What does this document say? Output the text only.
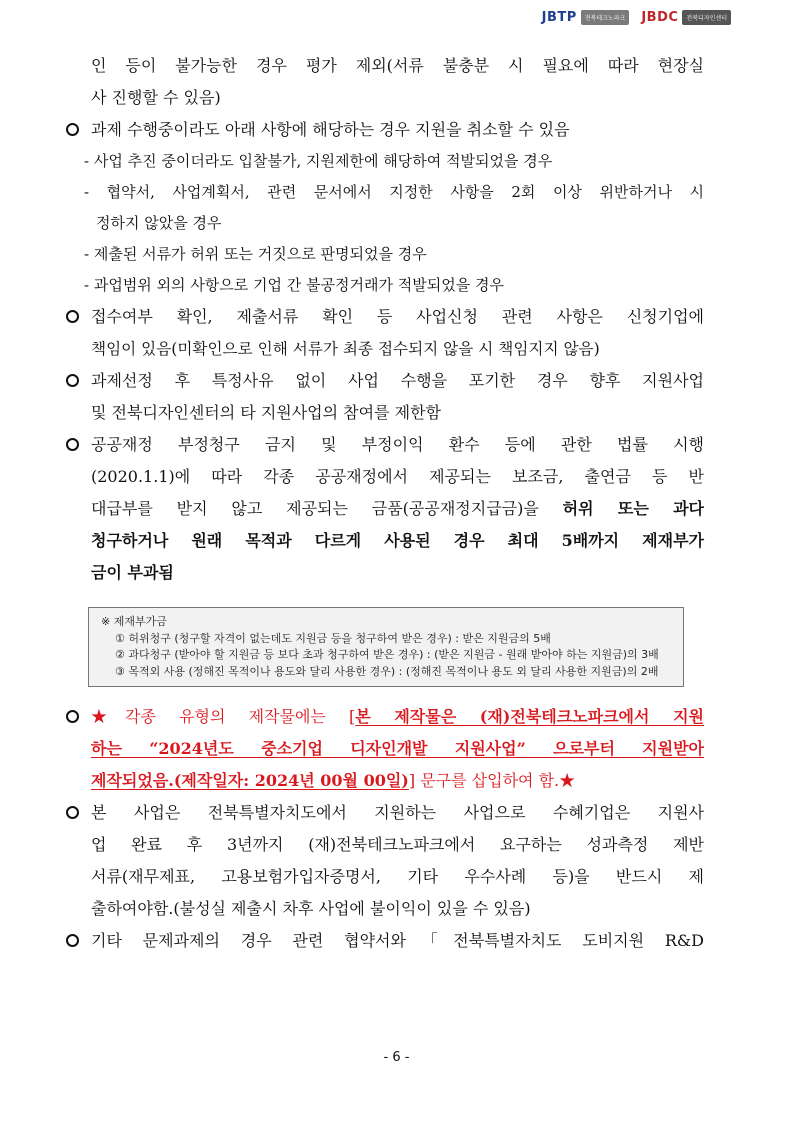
JBTP	전북테크노파크	JBDC	전북디자인센터
인 등이 불가능한 경우 평가 제외(서류 불충분 시 필요에 따라 현장실
사 진행할 수 있음)
과제 수행중이라도 아래 사항에 해당하는 경우 지원을 취소할 수 있음
- 사업 추진 중이더라도 입찰불가, 지원제한에 해당하여 적발되었을 경우
- 협약서, 사업계획서, 관련 문서에서 지정한 사항을 2회 이상 위반하거나 시
정하지 않았을 경우
- 제출된 서류가 허위 또는 거짓으로 판명되었을 경우
- 과업범위 외의 사항으로 기업 간 불공정거래가 적발되었을 경우
접수여부 확인, 제출서류 확인 등 사업신청 관련 사항은 신청기업에
책임이 있음(미확인으로 인해 서류가 최종 접수되지 않을 시 책임지지 않음)
과제선정 후 특정사유 없이 사업 수행을 포기한 경우 향후 지원사업
및 전북디자인센터의 타 지원사업의 참여를 제한함
공공재정 부정청구 금지 및 부정이익 환수 등에 관한 법률 시행
(2020.1.1)에 따라 각종 공공재정에서 제공되는 보조금, 출연금 등 반
대급부를 받지 않고 제공되는 금품(공공재정지급금)을 허위 또는 과다
청구하거나 원래 목적과 다르게 사용된 경우 최대 5배까지 제재부가
금이 부과됨
※ 제재부가금
① 허위청구 (청구할 자격이 없는데도 지원금 등을 청구하여 받은 경우) : 받은 지원금의 5배
② 과다청구 (받아야 할 지원금 등 보다 초과 청구하여 받은 경우) : (받은 지원금 - 원래 받아야 하는 지원금)의 3배
③ 목적외 사용 (정해진 목적이나 용도와 달리 사용한 경우) : (정해진 목적이나 용도 외 달리 사용한 지원금)의 2배
★각종 유형의 제작물에는 [본 제작물은 (재)전북테크노파크에서 지원
하는 “2024년도 중소기업 디자인개발 지원사업” 으로부터 지원받아
제작되었음.(제작일자: 2024년 00월 00일)] 문구를 삽입하여 함.★
본 사업은 전북특별자치도에서 지원하는 사업으로 수혜기업은 지원사
업 완료 후 3년까지 (재)전북테크노파크에서 요구하는 성과측정 제반
서류(재무제표, 고용보험가입자증명서, 기타 우수사례 등)을 반드시 제
출하여야함.(불성실 제출시 차후 사업에 불이익이 있을 수 있음)
기타 문제과제의 경우 관련 협약서와「전북특별자치도 도비지원 R&D
- 6 -
